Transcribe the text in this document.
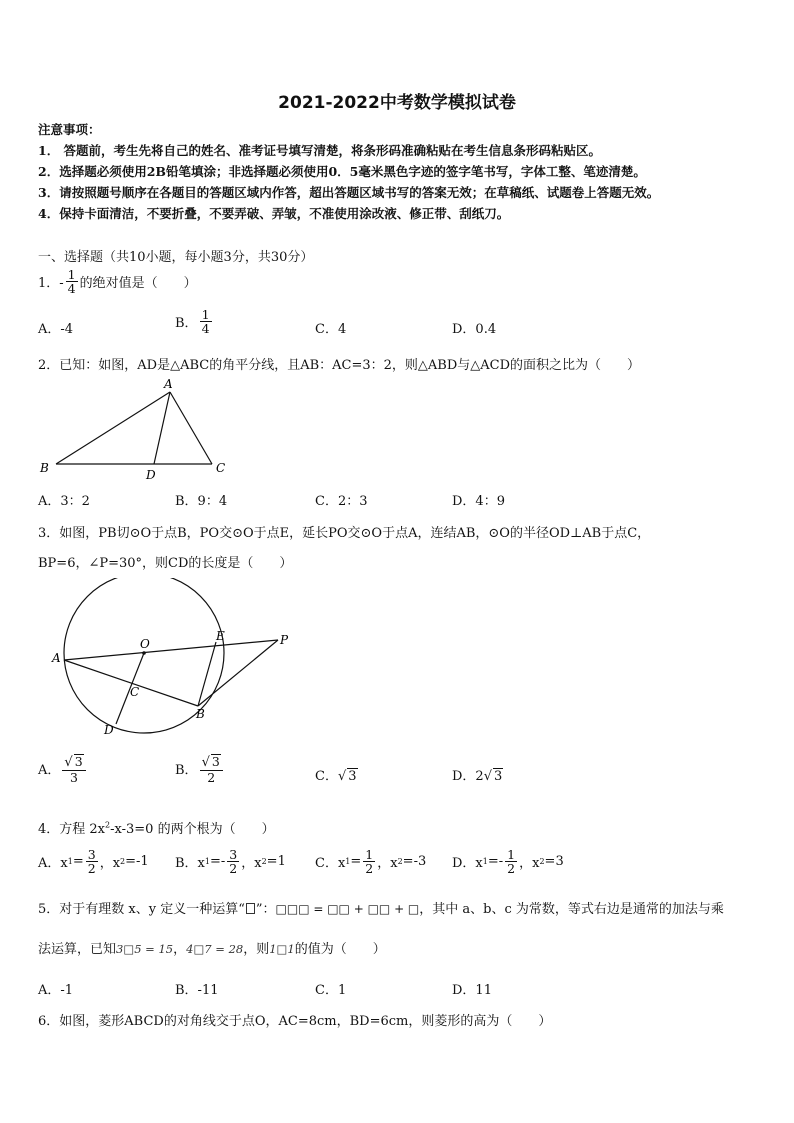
2021-2022中考数学模拟试卷
注意事项：
1． 答题前，考生先将自己的姓名、准考证号填写清楚，将条形码准确粘贴在考生信息条形码粘贴区。
2．选择题必须使用2B铅笔填涂；非选择题必须使用0．5毫米黑色字迹的签字笔书写，字体工整、笔迹清楚。
3．请按照题号顺序在各题目的答题区域内作答，超出答题区域书写的答案无效；在草稿纸、试题卷上答题无效。
4．保持卡面清洁，不要折叠，不要弄破、弄皱，不准使用涂改液、修正带、刮纸刀。
一、选择题（共10小题，每小题3分，共30分）
1．- $\frac{1}{4}$ 的绝对值是（　　）
A．-4	B． $\frac{1}{4}$	C．4	D．0.4
2．已知：如图，AD是△ABC的角平分线，且AB：AC=3：2，则△ABD与△ACD的面积之比为（　　）
A
B	D	C
A．3：2	B．9：4	C．2：3	D．4：9
3．如图，PB切⊙O于点B，PO交⊙O于点E，延长PO交⊙O于点A，连结AB，⊙O的半径OD⊥AB于点C，
BP=6，∠P=30°，则CD的长度是（　　）
A
O
E	P
C
B
D
A． $\frac{√ 3}{3}$	B． $\frac{√ 3}{2}$	C．√ 3	D．2√ 3
4．方程 $2x^2-x-3=0$ 的两个根为（　　）
A．x $1 = \frac{3}{2}$ ，x 2 =-1 B．x $1 =- \frac{3}{2}$ ，x 2 =1 C．x $1 = \frac{1}{2}$ ，x 2 =-3 D．x $1 =- \frac{1}{2}$ ，x 2 =3
5．对于有理数 x、y 定义一种运算“ ”：□□□ = □□ + □□ + □，其中 a、b、c 为常数，等式右边是通常的加法与乘
法运算，已知3□5 = 15，4□7 = 28，则1□1的值为（　　）
A．-1	B．-11	C．1	D．11
6．如图，菱形ABCD的对角线交于点O，AC=8cm，BD=6cm，则菱形的高为（　　）
